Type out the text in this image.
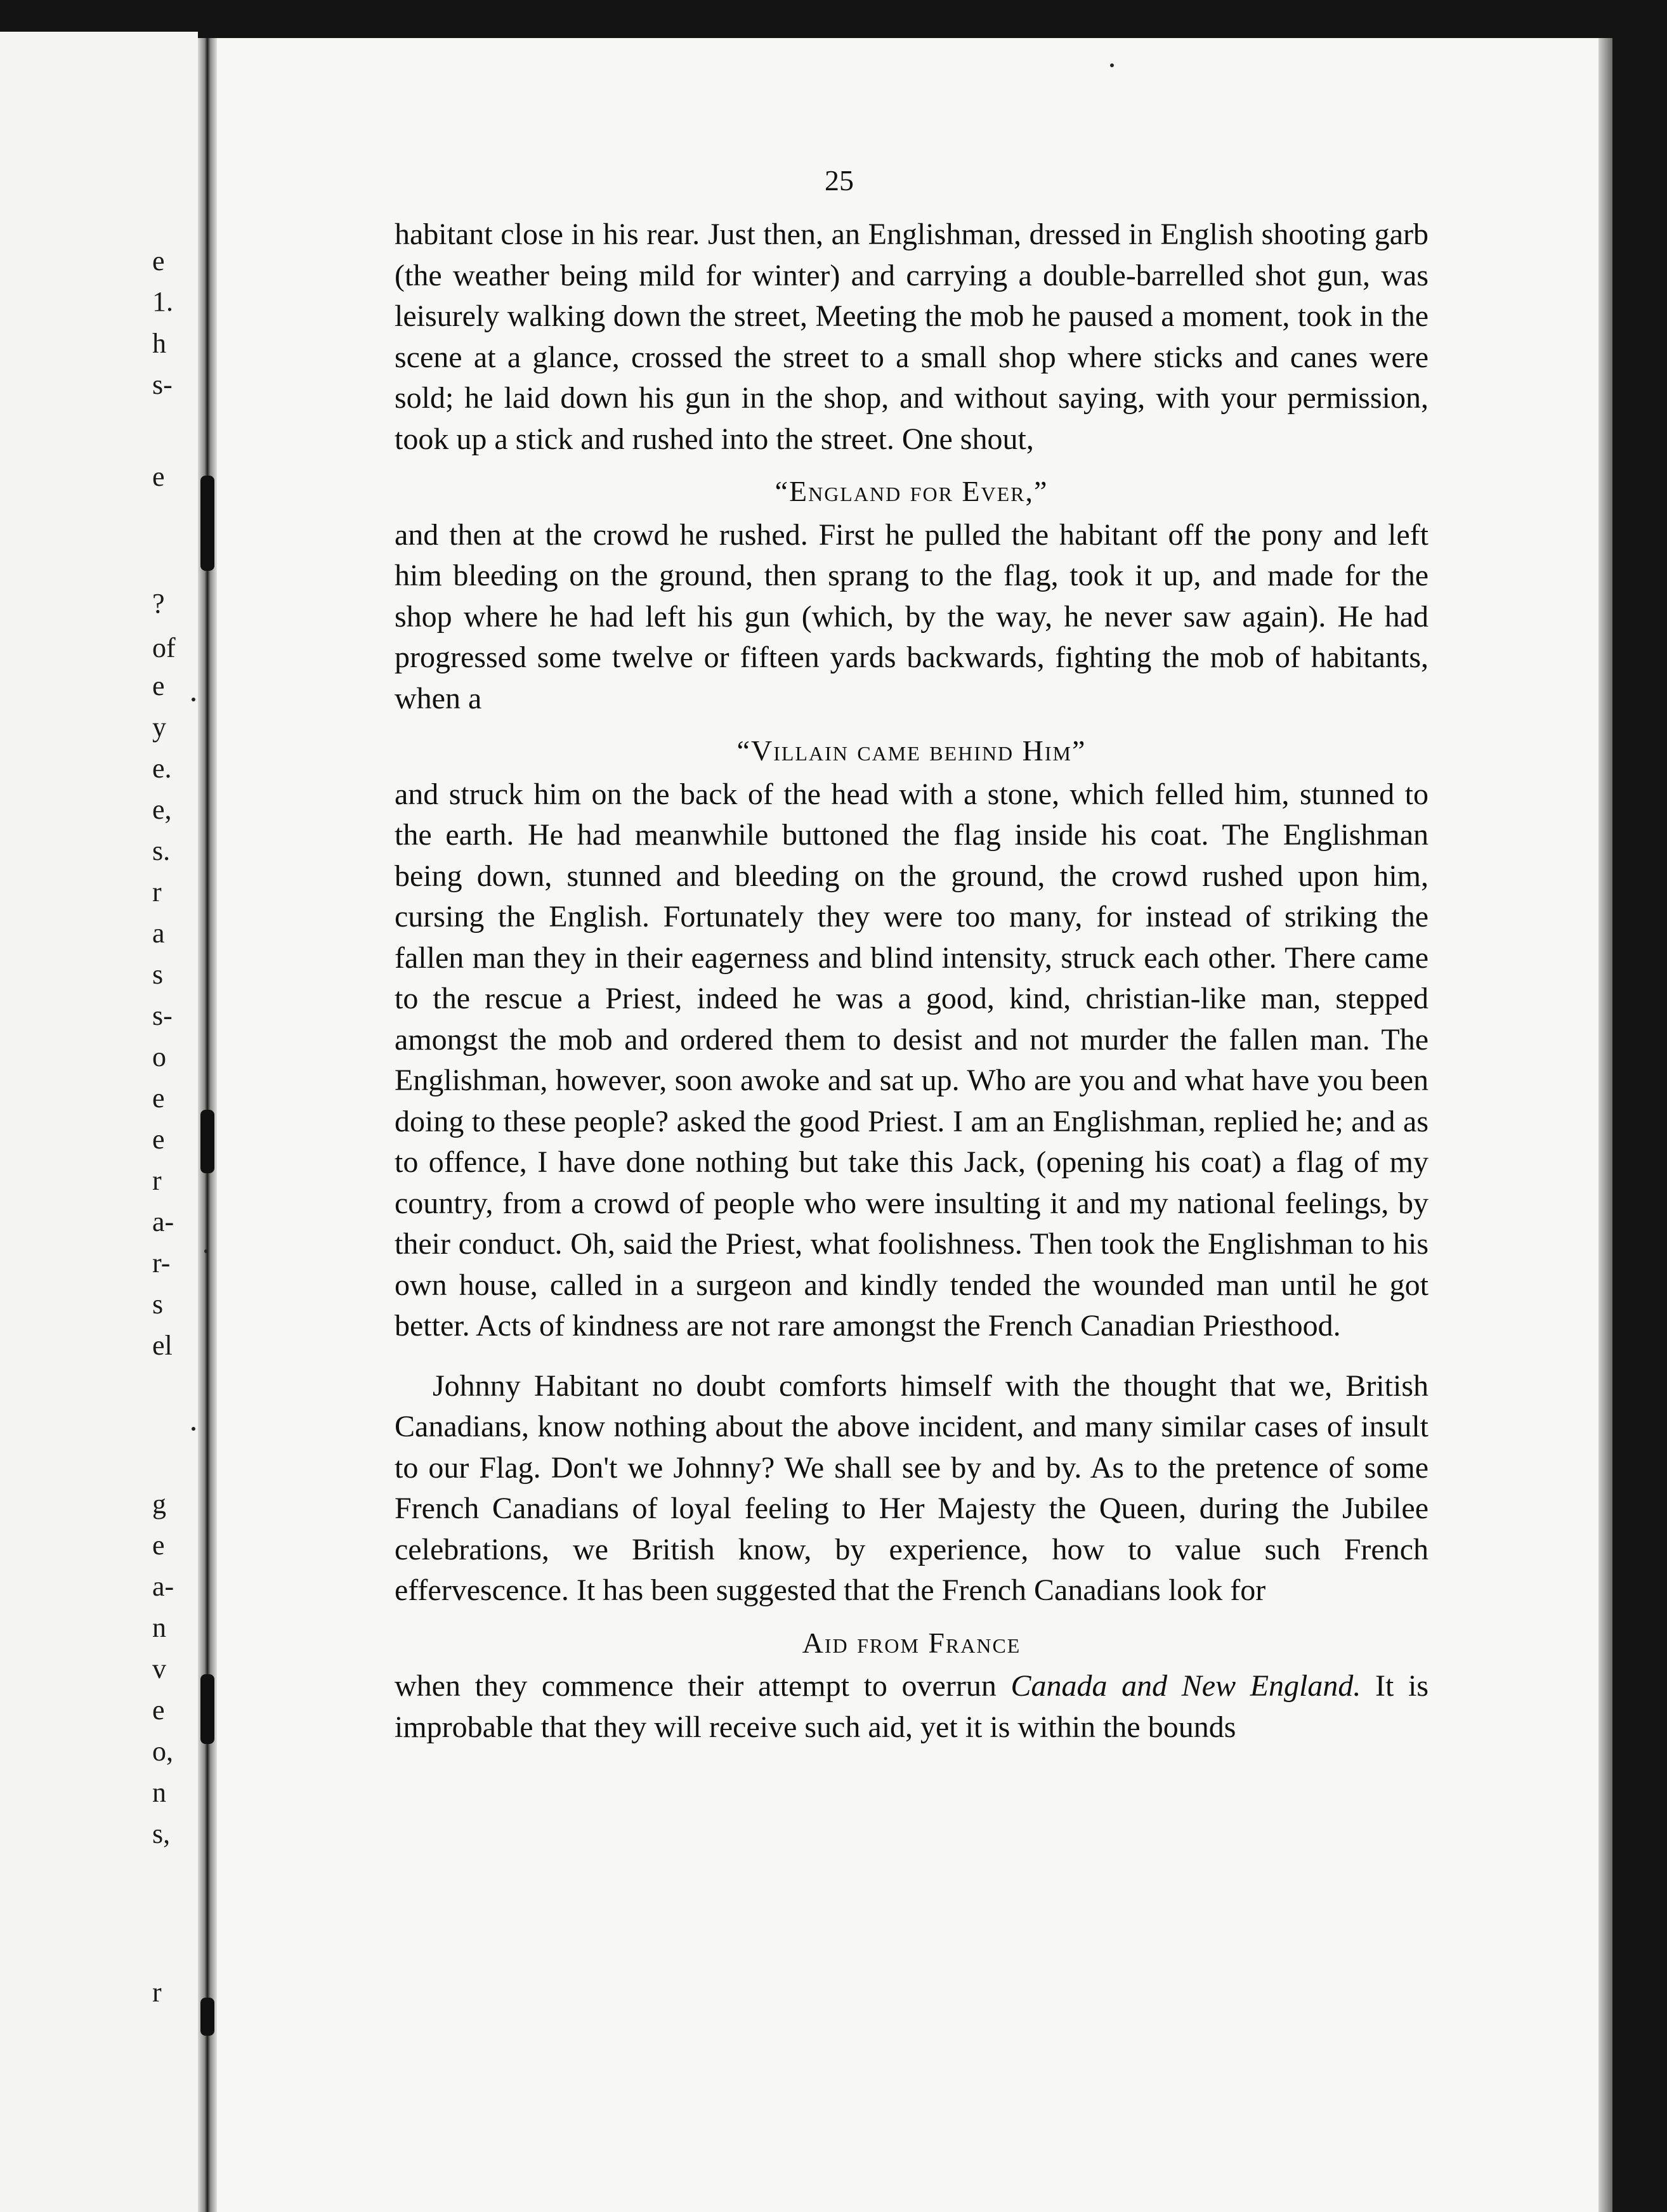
e
1.
h
s-
e
?
of
e
y
e.
e,
s.
r
a
s
s-
o
e
e
r
a-
r-
s
el
g
e
a-
n
v
e
o,
n
s,
r
25

habitant close in his rear. Just then, an Englishman, dressed in English shooting garb (the weather being mild for winter) and carrying a double-barrelled shot gun, was leisurely walking down the street, Meeting the mob he paused a moment, took in the scene at a glance, crossed the street to a small shop where sticks and canes were sold; he laid down his gun in the shop, and without saying, with your permission, took up a stick and rushed into the street. One shout,

“England for Ever,”

and then at the crowd he rushed. First he pulled the habitant off the pony and left him bleeding on the ground, then sprang to the flag, took it up, and made for the shop where he had left his gun (which, by the way, he never saw again). He had progressed some twelve or fifteen yards backwards, fighting the mob of habitants, when a

“Villain came behind Him”

and struck him on the back of the head with a stone, which felled him, stunned to the earth. He had meanwhile buttoned the flag inside his coat. The Englishman being down, stunned and bleeding on the ground, the crowd rushed upon him, cursing the English. Fortunately they were too many, for instead of striking the fallen man they in their eagerness and blind intensity, struck each other. There came to the rescue a Priest, indeed he was a good, kind, christian-like man, stepped amongst the mob and ordered them to desist and not murder the fallen man. The Englishman, however, soon awoke and sat up. Who are you and what have you been doing to these people? asked the good Priest. I am an Englishman, replied he; and as to offence, I have done nothing but take this Jack, (opening his coat) a flag of my country, from a crowd of people who were insulting it and my national feelings, by their conduct. Oh, said the Priest, what foolishness. Then took the Englishman to his own house, called in a surgeon and kindly tended the wounded man until he got better. Acts of kindness are not rare amongst the French Canadian Priesthood.

Johnny Habitant no doubt comforts himself with the thought that we, British Canadians, know nothing about the above incident, and many similar cases of insult to our Flag. Don't we Johnny? We shall see by and by. As to the pretence of some French Canadians of loyal feeling to Her Majesty the Queen, during the Jubilee celebrations, we British know, by experience, how to value such French effervescence. It has been suggested that the French Canadians look for

Aid from France

when they commence their attempt to overrun Canada and New England. It is improbable that they will receive such aid, yet it is within the bounds
